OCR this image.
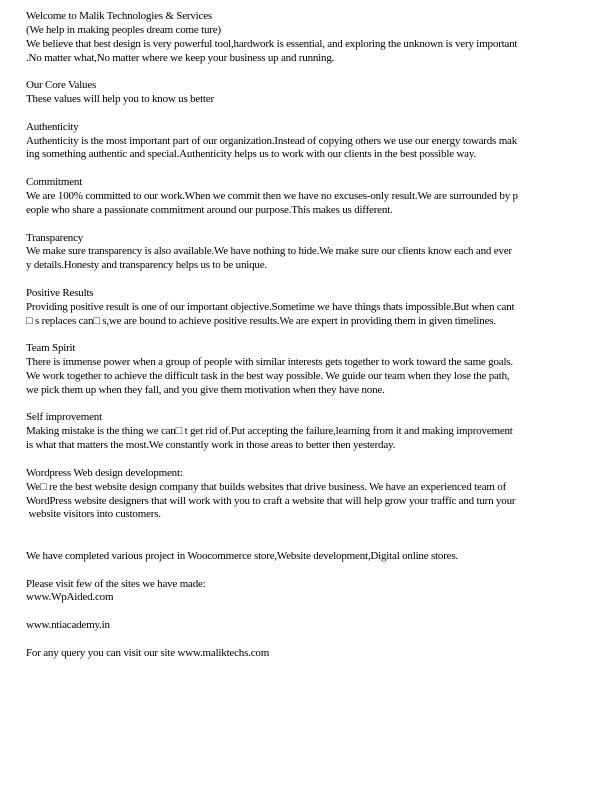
Welcome to Malik Technologies & Services
(We help in making peoples dream come ture)
We believe that best design is very powerful tool,hardwork is essential, and exploring the unknown is very important
.No matter what,No matter where we keep your business up and running.
Our Core Values
These values will help you to know us better
Authenticity
Authenticity is the most important part of our organization.Instead of copying others we use our energy towards mak
ing something authentic and special.Authenticity helps us to work with our clients in the best possible way.
Commitment
We are 100% committed to our work.When we commit then we have no excuses-only result.We are surrounded by p
eople who share a passionate commitment around our purpose.This makes us different.
Transparency
We make sure transparency is also available.We have nothing to hide.We make sure our clients know each and ever
y details.Honesty and transparency helps us to be unique.
Positive Results
Providing positive result is one of our important objective.Sometime we have things thats impossible.But when cant
□ s replaces can□ s,we are bound to achieve positive results.We are expert in providing them in given timelines.
Team Spirit
There is immense power when a group of people with similar interests gets together to work toward the same goals.
We work together to achieve the difficult task in the best way possible. We guide our team when they lose the path,
we pick them up when they fall, and you give them motivation when they have none.
Self improvement
Making mistake is the thing we can□ t get rid of.Put accepting the failure,learning from it and making improvement
is what that matters the most.We constantly work in those areas to better then yesterday.
Wordpress Web design development:
We□ re the best website design company that builds websites that drive business. We have an experienced team of
WordPress website designers that will work with you to craft a website that will help grow your traffic and turn your
website visitors into customers.
We have completed various project in Woocommerce store,Website development,Digital online stores.
Please visit few of the sites we have made:
www.WpAided.com
www.ntiacademy.in
For any query you can visit our site www.maliktechs.com
